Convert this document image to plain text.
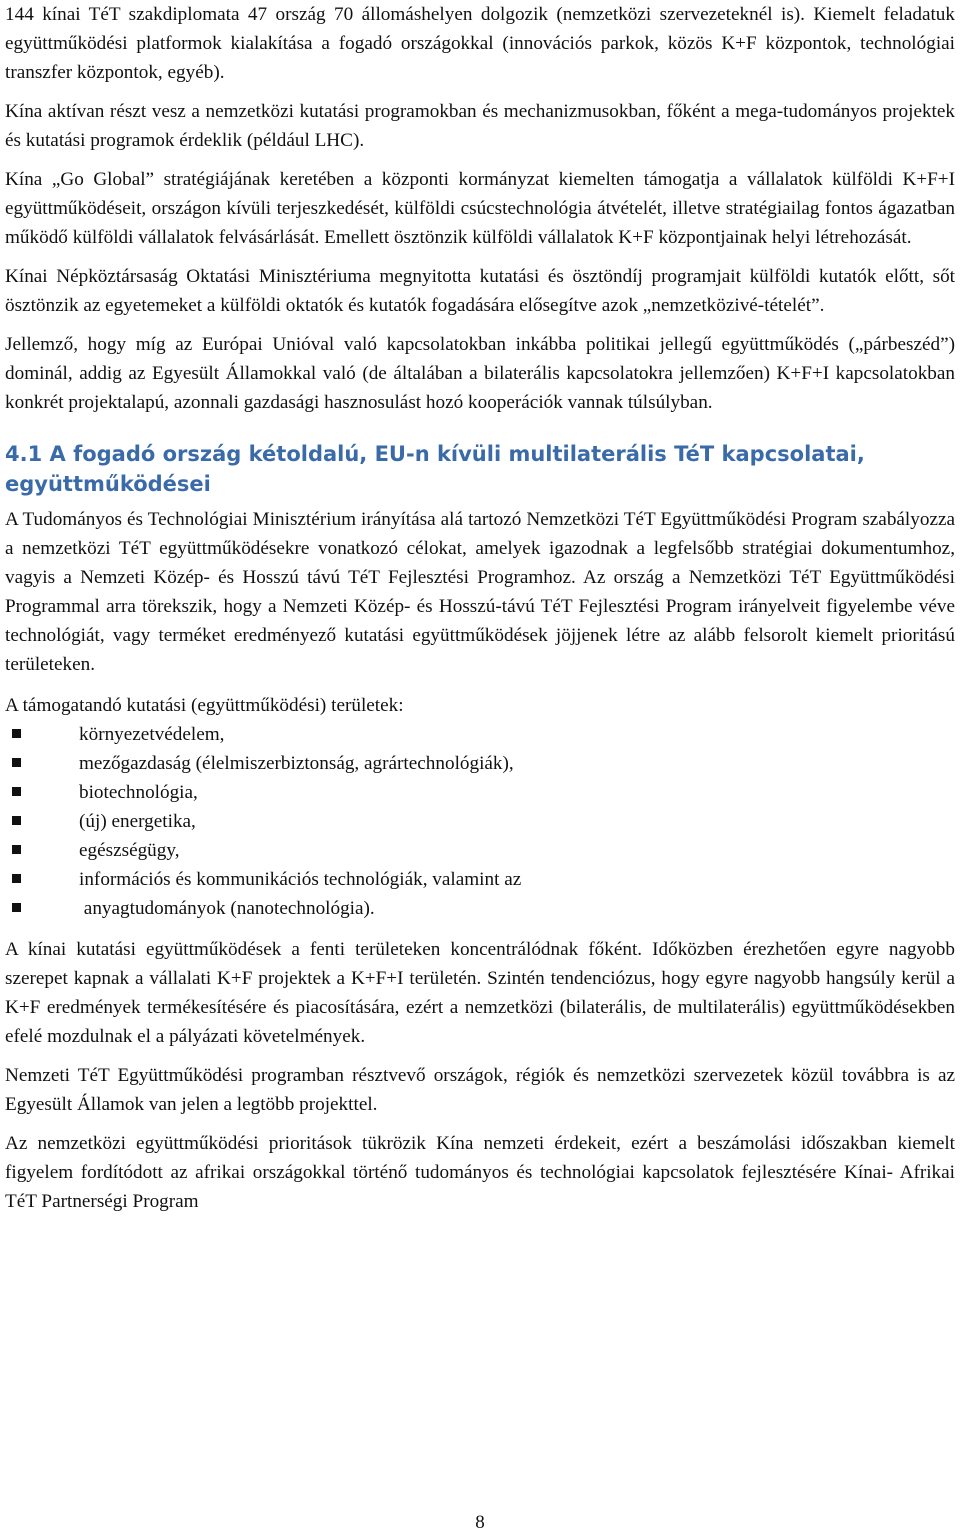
144 kínai TéT szakdiplomata 47 ország 70 állomáshelyen dolgozik (nemzetközi szervezeteknél is). Kiemelt feladatuk együttműködési platformok kialakítása a fogadó országokkal (innovációs parkok, közös K+F központok, technológiai transzfer központok, egyéb).

Kína aktívan részt vesz a nemzetközi kutatási programokban és mechanizmusokban, főként a mega-tudományos projektek és kutatási programok érdeklik (például LHC).

Kína „Go Global” stratégiájának keretében a központi kormányzat kiemelten támogatja a vállalatok külföldi K+F+I együttműködéseit, országon kívüli terjeszkedését, külföldi csúcstechnológia átvételét, illetve stratégiailag fontos ágazatban működő külföldi vállalatok felvásárlását. Emellett ösztönzik külföldi vállalatok K+F központjainak helyi létrehozását.

Kínai Népköztársaság Oktatási Minisztériuma megnyitotta kutatási és ösztöndíj programjait külföldi kutatók előtt, sőt ösztönzik az egyetemeket a külföldi oktatók és kutatók fogadására elősegítve azok „nemzetközivé-tételét”.

Jellemző, hogy míg az Európai Unióval való kapcsolatokban inkábba politikai jellegű együttműködés („párbeszéd”) dominál, addig az Egyesült Államokkal való (de általában a bilaterális kapcsolatokra jellemzően) K+F+I kapcsolatokban konkrét projektalapú, azonnali gazdasági hasznosulást hozó kooperációk vannak túlsúlyban.

4.1 A fogadó ország kétoldalú, EU-n kívüli multilaterális TéT kapcsolatai, együttműködései

A Tudományos és Technológiai Minisztérium irányítása alá tartozó Nemzetközi TéT Együttműködési Program szabályozza a nemzetközi TéT együttműködésekre vonatkozó célokat, amelyek igazodnak a legfelsőbb stratégiai dokumentumhoz, vagyis a Nemzeti Közép- és Hosszú távú TéT Fejlesztési Programhoz. Az ország a Nemzetközi TéT Együttműködési Programmal arra törekszik, hogy a Nemzeti Közép- és Hosszú-távú TéT Fejlesztési Program irányelveit figyelembe véve technológiát, vagy terméket eredményező kutatási együttműködések jöjjenek létre az alább felsorolt kiemelt prioritású területeken.

A támogatandó kutatási (együttműködési) területek:

környezetvédelem,
mezőgazdaság (élelmiszerbiztonság, agrártechnológiák),
biotechnológia,
(új) energetika,
egészségügy,
információs és kommunikációs technológiák, valamint az
anyagtudományok (nanotechnológia).

A kínai kutatási együttműködések a fenti területeken koncentrálódnak főként. Időközben érezhetően egyre nagyobb szerepet kapnak a vállalati K+F projektek a K+F+I területén. Szintén tendenciózus, hogy egyre nagyobb hangsúly kerül a K+F eredmények termékesítésére és piacosítására, ezért a nemzetközi (bilaterális, de multilaterális) együttműködésekben efelé mozdulnak el a pályázati követelmények.

Nemzeti TéT Együttműködési programban résztvevő országok, régiók és nemzetközi szervezetek közül továbbra is az Egyesült Államok van jelen a legtöbb projekttel.

Az nemzetközi együttműködési prioritások tükrözik Kína nemzeti érdekeit, ezért a beszámolási időszakban kiemelt figyelem fordítódott az afrikai országokkal történő tudományos és technológiai kapcsolatok fejlesztésére Kínai- Afrikai TéT Partnerségi Program

8
